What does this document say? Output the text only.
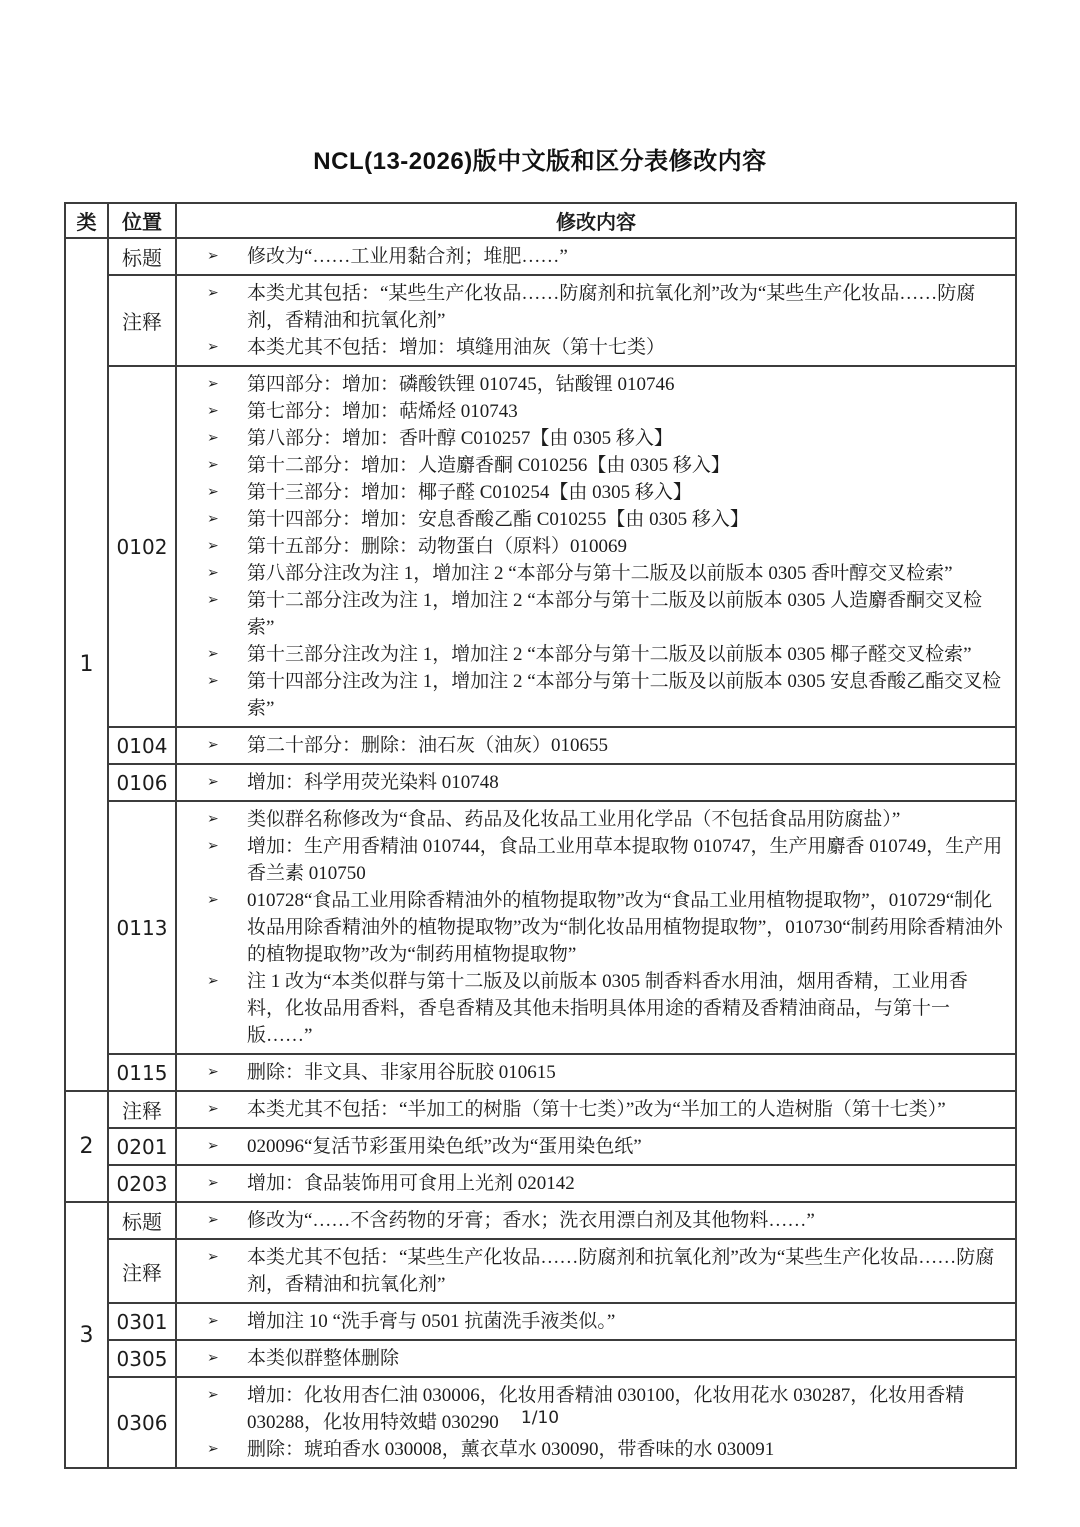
NCL(13-2026)版中文版和区分表修改内容
类	位置	修改内容
1	标题	➢ 修改为“……工业用黏合剂；堆肥……”

	注释	➢ 本类尤其包括：“某些生产化妆品……防腐剂和抗氧化剂”改为“某些生产化妆品……防腐剂，香精油和抗氧化剂”
➢ 本类尤其不包括：增加：填缝用油灰（第十七类）

0102	
➢	第四部分：增加：磷酸铁锂 010745，钴酸锂 010746
➢	第七部分：增加：萜烯烃 010743
➢	第八部分：增加：香叶醇 C010257【由 0305 移入】
➢	第十二部分：增加：人造麝香酮 C010256【由 0305 移入】
➢	第十三部分：增加：椰子醛 C010254【由 0305 移入】
➢	第十四部分：增加：安息香酸乙酯 C010255【由 0305 移入】
➢	第十五部分：删除：动物蛋白（原料）010069
➢	第八部分注改为注 1，增加注 2 “本部分与第十二版及以前版本 0305 香叶醇交叉检索”
➢	第十二部分注改为注 1，增加注 2 “本部分与第十二版及以前版本 0305 人造麝香酮交叉检索”
➢	第十三部分注改为注 1，增加注 2 “本部分与第十二版及以前版本 0305 椰子醛交叉检索”
➢	第十四部分注改为注 1，增加注 2 “本部分与第十二版及以前版本 0305 安息香酸乙酯交叉检索”

	0104	➢ 第二十部分：删除：油石灰（油灰）010655

	0106	➢ 增加：科学用荧光染料 010748

0113	
➢	类似群名称修改为“食品、药品及化妆品工业用化学品（不包括食品用防腐盐）”
➢	增加：生产用香精油 010744，食品工业用草本提取物 010747，生产用麝香 010749，生产用香兰素 010750
➢	010728“食品工业用除香精油外的植物提取物”改为“食品工业用植物提取物”，010729“制化妆品用除香精油外的植物提取物”改为“制化妆品用植物提取物”，010730“制药用除香精油外的植物提取物”改为“制药用植物提取物”
➢	注 1 改为“本类似群与第十二版及以前版本 0305 制香料香水用油，烟用香精，工业用香料，化妆品用香料，香皂香精及其他未指明具体用途的香精及香精油商品，与第十一版……”

	0115	➢ 删除：非文具、非家用谷朊胶 010615

2	注释	➢ 本类尤其不包括：“半加工的树脂（第十七类）”改为“半加工的人造树脂（第十七类）”

	0201	➢ 020096“复活节彩蛋用染色纸”改为“蛋用染色纸”

	0203	➢ 增加：食品装饰用可食用上光剂 020142

3	标题	➢ 修改为“……不含药物的牙膏；香水；洗衣用漂白剂及其他物料……”

	注释	➢ 本类尤其不包括：“某些生产化妆品……防腐剂和抗氧化剂”改为“某些生产化妆品……防腐剂，香精油和抗氧化剂”

	0301	➢ 增加注 10 “洗手膏与 0501 抗菌洗手液类似。”

	0305	➢ 本类似群整体删除

	0306	➢ 增加：化妆用杏仁油 030006，化妆用香精油 030100，化妆用花水 030287，化妆用香精 030288，化妆用特效蜡 030290
➢ 删除：琥珀香水 030008，薰衣草水 030090，带香味的水 030091
1/10
